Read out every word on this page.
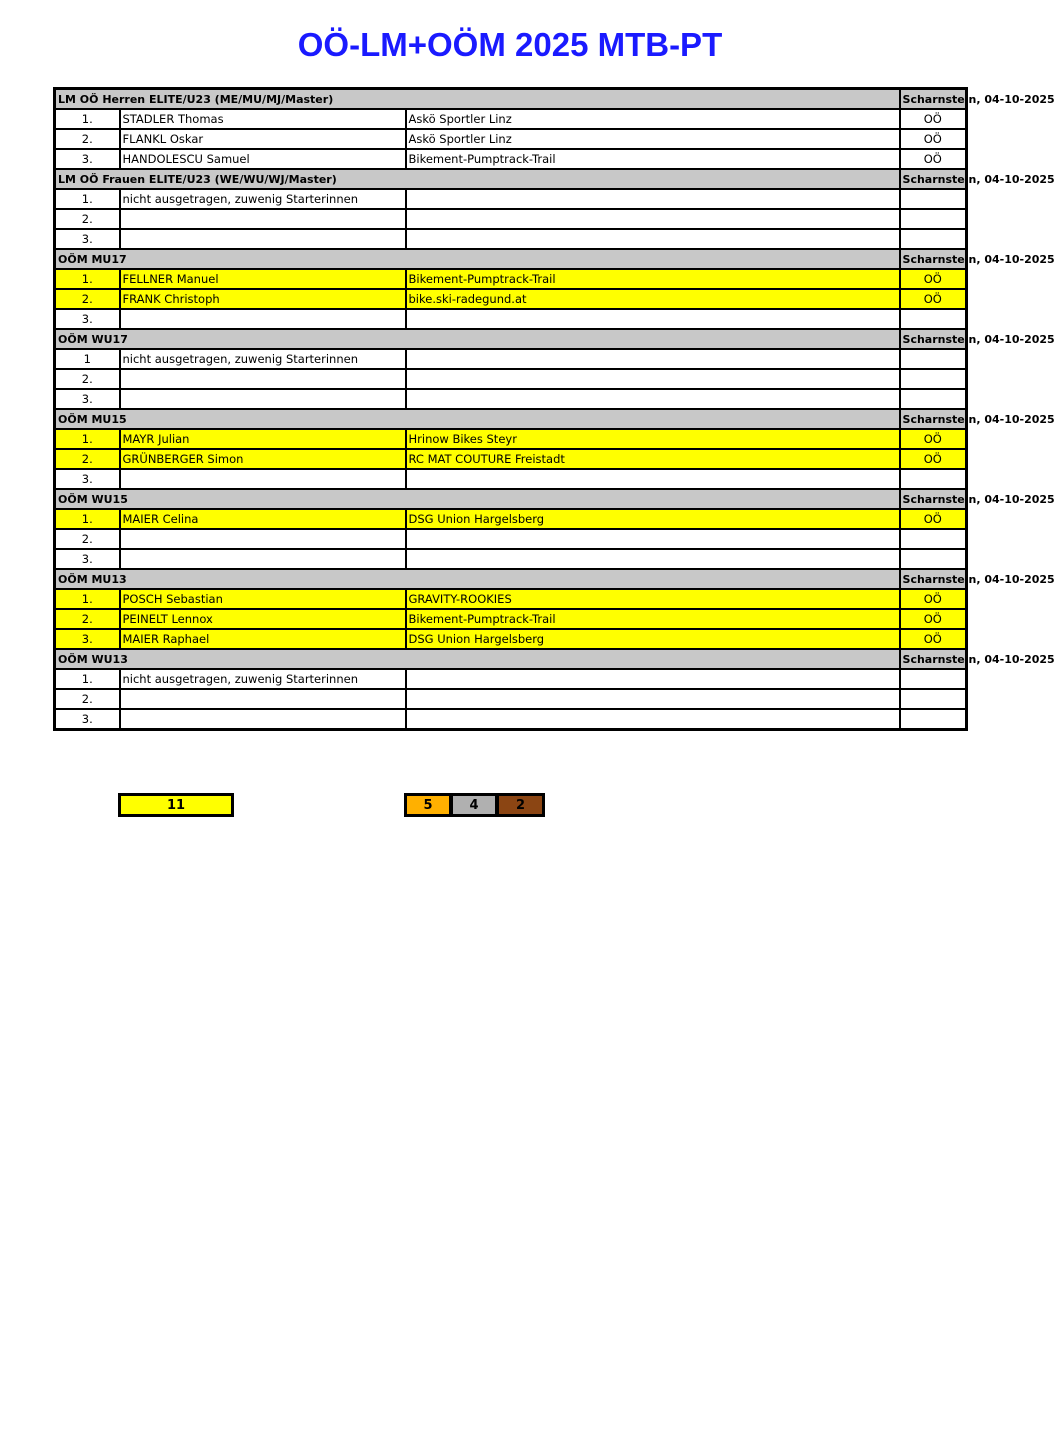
OÖ-LM+OÖM 2025 MTB-PT
LM OÖ Herren ELITE/U23 (ME/MU/MJ/Master)			Scharnstein, 04-10-2025
1.	STADLER Thomas	Askö Sportler Linz	OÖ
2.	FLANKL Oskar	Askö Sportler Linz	OÖ
3.	HANDOLESCU Samuel	Bikement-Pumptrack-Trail	OÖ
LM OÖ Frauen ELITE/U23 (WE/WU/WJ/Master)			Scharnstein, 04-10-2025
1.	nicht ausgetragen, zuwenig Starterinnen		
2.			
3.			
OÖM MU17			Scharnstein, 04-10-2025
1.	FELLNER Manuel	Bikement-Pumptrack-Trail	OÖ
2.	FRANK Christoph	bike.ski-radegund.at	OÖ
3.			
OÖM WU17			Scharnstein, 04-10-2025
1	nicht ausgetragen, zuwenig Starterinnen		
2.			
3.			
OÖM MU15			Scharnstein, 04-10-2025
1.	MAYR Julian	Hrinow Bikes Steyr	OÖ
2.	GRÜNBERGER Simon	RC MAT COUTURE Freistadt	OÖ
3.			
OÖM WU15			Scharnstein, 04-10-2025
1.	MAIER Celina	DSG Union Hargelsberg	OÖ
2.			
3.			
OÖM MU13			Scharnstein, 04-10-2025
1.	POSCH Sebastian	GRAVITY-ROOKIES	OÖ
2.	PEINELT Lennox	Bikement-Pumptrack-Trail	OÖ
3.	MAIER Raphael	DSG Union Hargelsberg	OÖ
OÖM WU13			Scharnstein, 04-10-2025
1.	nicht ausgetragen, zuwenig Starterinnen		
2.			
3.			
11	5	4	2
